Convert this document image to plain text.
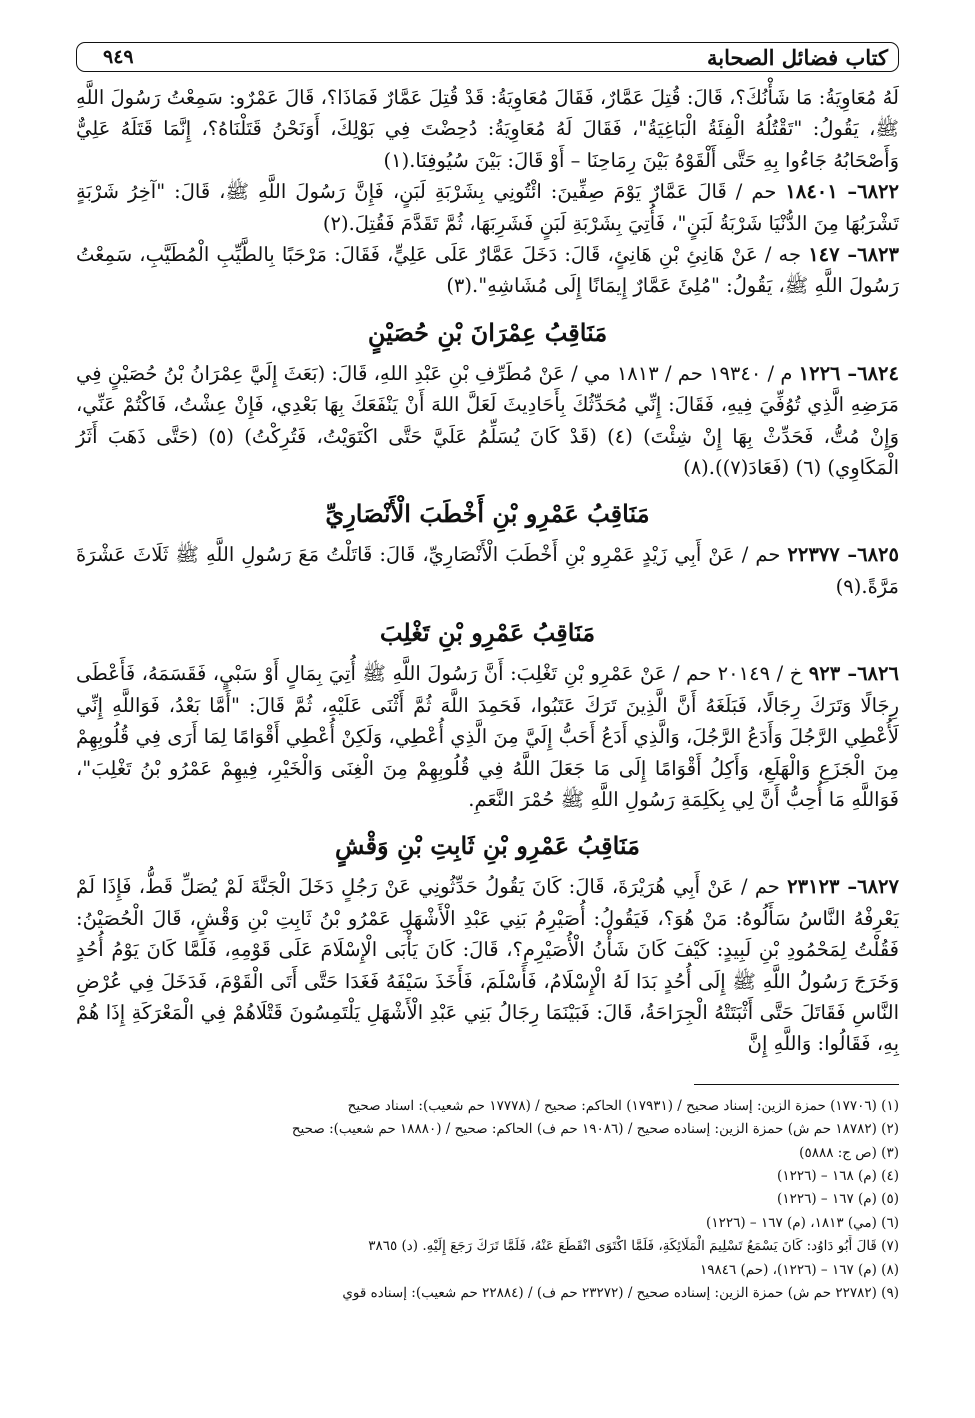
كتاب فضائل الصحابة
٩٤٩

لَهُ مُعَاوِيَةُ: مَا شَأْنُكَ؟، قَالَ: قُتِلَ عَمَّارٌ، فَقَالَ مُعَاوِيَةُ: قَدْ قُتِلَ عَمَّارٌ فَمَاذَا؟، قَالَ عَمْرٌو: سَمِعْتُ رَسُولَ اللَّهِ ﷺ، يَقُولُ: "تَقْتُلُهُ الْفِئَةُ الْبَاغِيَةُ"، فَقَالَ لَهُ مُعَاوِيَةُ: دُحِضْتَ فِي بَوْلِكَ، أَوَنَحْنُ قَتَلْنَاهُ؟، إِنَّمَا قَتَلَهُ عَلِيٌّ وَأَصْحَابُهُ جَاءُوا بِهِ حَتَّى أَلْقَوْهُ بَيْنَ رِمَاحِنَا – أَوْ قَالَ: بَيْنَ سُيُوفِنَا.(١)

٦٨٢٢– ١٨٤٠١ حم / قَالَ عَمَّارٌ يَوْمَ صِفِّينَ: ائْتُونِي بِشَرْبَةِ لَبَنٍ، فَإِنَّ رَسُولَ اللَّهِ ﷺ، قَالَ: "آخِرُ شَرْبَةٍ تَشْرَبُهَا مِنَ الدُّنْيَا شَرْبَةُ لَبَنٍ"، فَأُتِيَ بِشَرْبَةِ لَبَنٍ فَشَرِبَهَا، ثُمَّ تَقَدَّمَ فَقُتِلَ.(٢)

٦٨٢٣– ١٤٧ جه / عَنْ هَانِئِ بْنِ هَانِئٍ، قَالَ: دَخَلَ عَمَّارٌ عَلَى عَلِيٍّ، فَقَالَ: مَرْحَبًا بِالطَّيِّبِ الْمُطَيَّبِ، سَمِعْتُ رَسُولَ اللَّهِ ﷺ، يَقُولُ: "مُلِئَ عَمَّارٌ إِيمَانًا إِلَى مُشَاشِهِ".(٣)

مَنَاقِبُ عِمْرَانَ بْنِ حُصَيْنٍ

٦٨٢٤– ١٢٢٦ م / ١٩٣٤٠ حم / ١٨١٣ مي / عَنْ مُطَرِّفِ بْنِ عَبْدِ اللهِ، قَالَ: (بَعَثَ إِلَيَّ عِمْرَانُ بْنُ حُصَيْنٍ فِي مَرَضِهِ الَّذِي تُوُفِّيَ فِيهِ، فَقَالَ: إِنِّي مُحَدِّثُكَ بِأَحَادِيثَ لَعَلَّ اللهَ أَنْ يَنْفَعَكَ بِهَا بَعْدِي، فَإِنْ عِشْتُ، فَاكْتُمْ عَنِّي، وَإِنْ مُتُّ، فَحَدِّثْ بِهَا إِنْ شِئْتَ) (٤) (قَدْ كَانَ يُسَلِّمُ عَلَيَّ حَتَّى اكْتَوَيْتُ، فَتُرِكْتُ) (٥) (حَتَّى ذَهَبَ أَثَرُ الْمَكَاوِي) (٦) (فَعَادَ(٧)).(٨)

مَنَاقِبُ عَمْرِو بْنِ أَخْطَبَ الْأَنْصَارِيِّ

٦٨٢٥– ٢٢٣٧٧ حم / عَنْ أَبِي زَيْدٍ عَمْرِو بْنِ أَخْطَبَ الْأَنْصَارِيِّ، قَالَ: قَاتَلْتُ مَعَ رَسُولِ اللَّهِ ﷺ ثَلَاثَ عَشْرَةَ مَرَّةً.(٩)

مَنَاقِبُ عَمْرِو بْنِ تَغْلِبَ

٦٨٢٦– ٩٢٣ خ / ٢٠١٤٩ حم / عَنْ عَمْرِو بْنِ تَغْلِبَ: أَنَّ رَسُولَ اللَّهِ ﷺ أُتِيَ بِمَالٍ أَوْ سَبْيٍ، فَقَسَمَهُ، فَأَعْطَى رِجَالًا وَتَرَكَ رِجَالًا، فَبَلَغَهُ أَنَّ الَّذِينَ تَرَكَ عَتَبُوا، فَحَمِدَ اللَّهَ ثُمَّ أَثْنَى عَلَيْهِ، ثُمَّ قَالَ: "أَمَّا بَعْدُ، فَوَاللَّهِ إِنِّي لَأُعْطِي الرَّجُلَ وَأَدَعُ الرَّجُلَ، وَالَّذِي أَدَعُ أَحَبُّ إِلَيَّ مِنَ الَّذِي أُعْطِي، وَلَكِنْ أُعْطِي أَقْوَامًا لِمَا أَرَى فِي قُلُوبِهِمْ مِنَ الْجَزَعِ وَالْهَلَعِ، وَأَكِلُ أَقْوَامًا إِلَى مَا جَعَلَ اللَّهُ فِي قُلُوبِهِمْ مِنَ الْغِنَى وَالْخَيْرِ، فِيهِمْ عَمْرُو بْنُ تَغْلِبَ"، فَوَاللَّهِ مَا أُحِبُّ أَنَّ لِي بِكَلِمَةِ رَسُولِ اللَّهِ ﷺ حُمْرَ النَّعَمِ.

مَنَاقِبُ عَمْرِو بْنِ ثَابِتِ بْنِ وَقْشٍ

٦٨٢٧– ٢٣١٢٣ حم / عَنْ أَبِي هُرَيْرَةَ، قَالَ: كَانَ يَقُولُ حَدِّثُونِي عَنْ رَجُلٍ دَخَلَ الْجَنَّةَ لَمْ يُصَلِّ قَطُّ، فَإِذَا لَمْ يَعْرِفْهُ النَّاسُ سَأَلُوهُ: مَنْ هُوَ؟، فَيَقُولُ: أُصَيْرِمُ بَنِي عَبْدِ الْأَشْهَلِ عَمْرُو بْنُ ثَابِتِ بْنِ وَقْشٍ، قَالَ الْحُصَيْنُ: فَقُلْتُ لِمَحْمُودِ بْنِ لَبِيدٍ: كَيْفَ كَانَ شَأْنُ الْأُصَيْرِمِ؟، قَالَ: كَانَ يَأْبَى الْإِسْلَامَ عَلَى قَوْمِهِ، فَلَمَّا كَانَ يَوْمُ أُحُدٍ وَخَرَجَ رَسُولُ اللَّهِ ﷺ إِلَى أُحُدٍ بَدَا لَهُ الْإِسْلَامُ، فَأَسْلَمَ، فَأَخَذَ سَيْفَهُ فَغَدَا حَتَّى أَتَى الْقَوْمَ، فَدَخَلَ فِي عُرْضِ النَّاسِ فَقَاتَلَ حَتَّى أَثْبَتَتْهُ الْجِرَاحَةُ، قَالَ: فَبَيْنَمَا رِجَالُ بَنِي عَبْدِ الْأَشْهَلِ يَلْتَمِسُونَ قَتْلَاهُمْ فِي الْمَعْرَكَةِ إِذَا هُمْ بِهِ، فَقَالُوا: وَاللَّهِ إِنَّ

(١) (١٧٧٠٦) حمزة الزين: إسناد صحيح / (١٧٩٣١) الحاكم: صحيح / (١٧٧٧٨ حم شعيب): اسناد صحيح
(٢) (١٨٧٨٢ حم ش) حمزة الزين: إسناده صحيح / (١٩٠٨٦ حم ف) الحاكم: صحيح / (١٨٨٨٠ حم شعيب): صحيح
(٣) (ص ج: ٥٨٨٨)
(٤) (م) ١٦٨ – (١٢٢٦)
(٥) (م) ١٦٧ – (١٢٢٦)
(٦) (مي) ١٨١٣، (م) ١٦٧ – (١٢٢٦)
(٧) قَالَ أَبُو دَاوُد: كَانَ يَسْمَعُ تَسْلِيمَ الْمَلَائِكَةِ، فَلَمَّا اكْتَوَى انْقَطَعَ عَنْهُ، فَلَمَّا تَرَكَ رَجَعَ إِلَيْهِ. (د) ٣٨٦٥
(٨) (م) ١٦٧ – (١٢٢٦)، (حم) ١٩٨٤٦
(٩) (٢٢٧٨٢ حم ش) حمزة الزين: إسناده صحيح / (٢٣٢٧٢ حم ف) / (٢٢٨٨٤ حم شعيب): إسناده قوي
